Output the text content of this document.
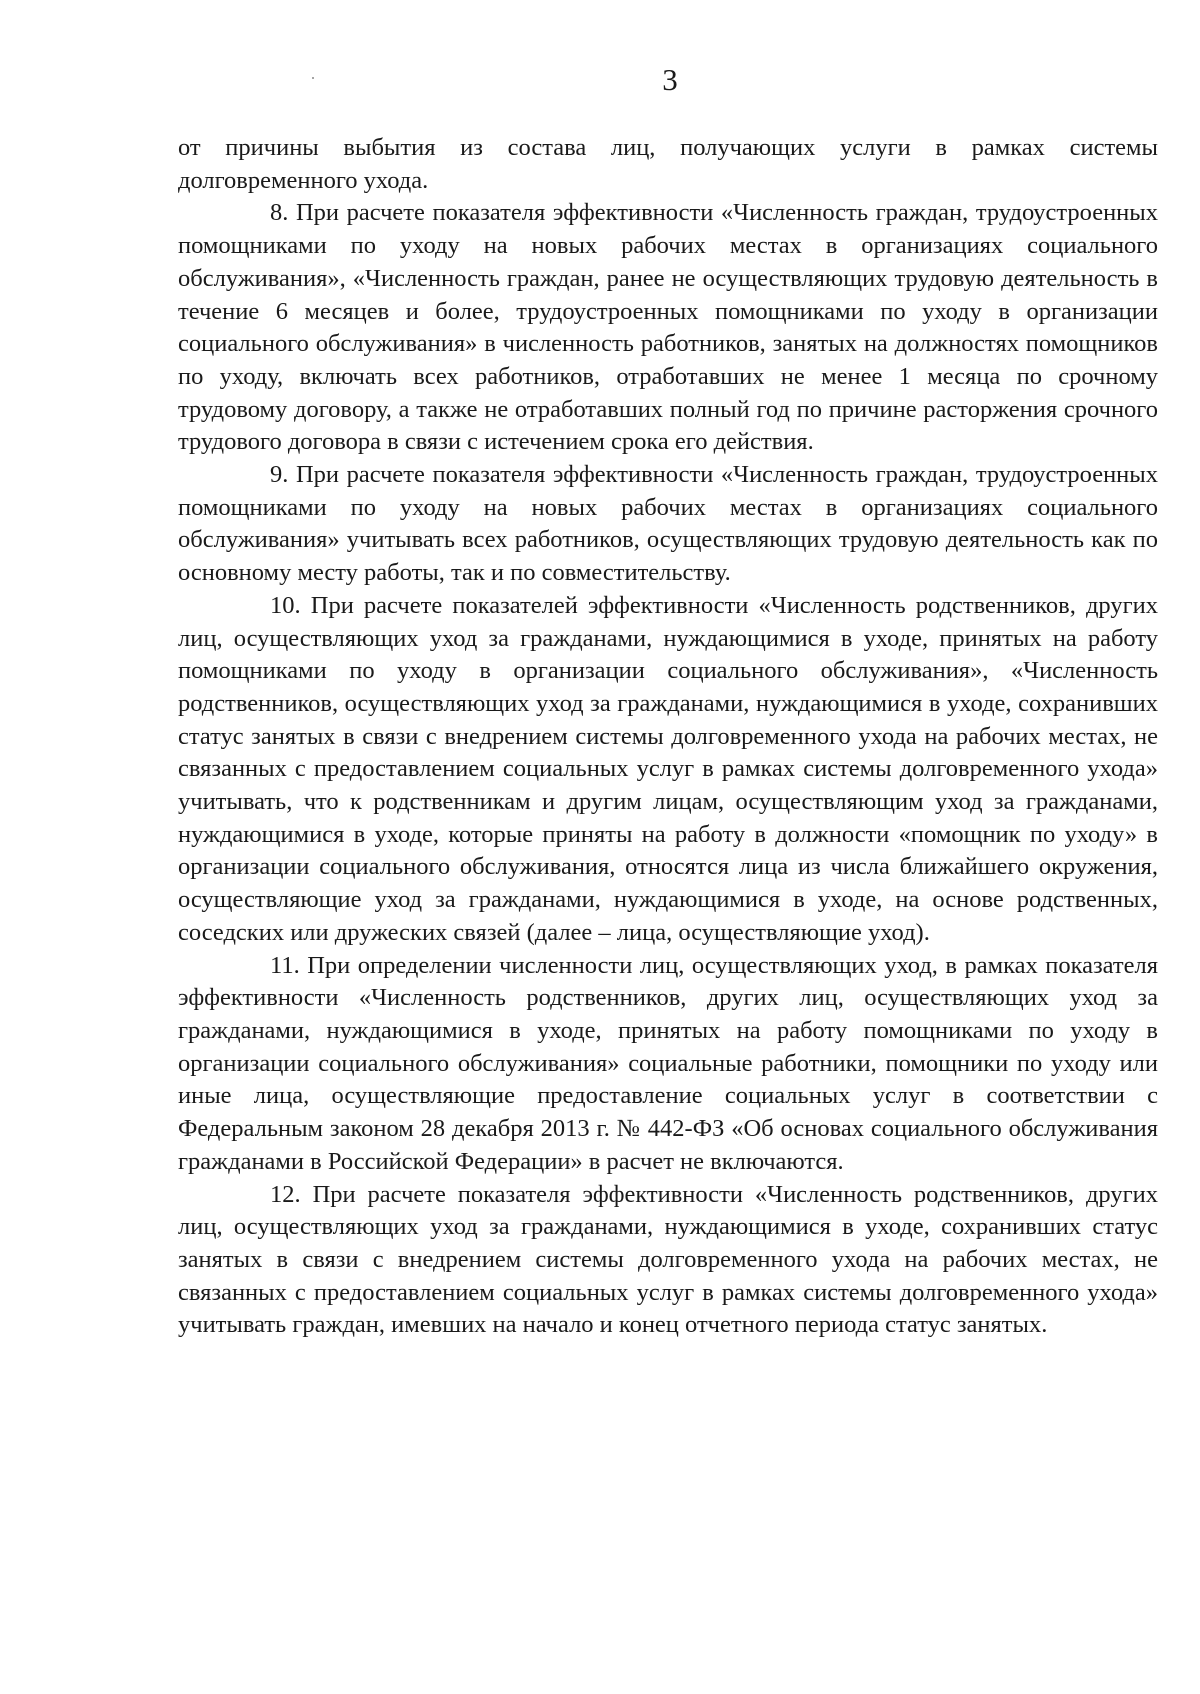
3

от причины выбытия из состава лиц, получающих услуги в рамках системы долговременного ухода.

8. При расчете показателя эффективности «Численность граждан, трудоустроенных помощниками по уходу на новых рабочих местах в организациях социального обслуживания», «Численность граждан, ранее не осуществляющих трудовую деятельность в течение 6 месяцев и более, трудоустроенных помощниками по уходу в организации социального обслуживания» в численность работников, занятых на должностях помощников по уходу, включать всех работников, отработавших не менее 1 месяца по срочному трудовому договору, а также не отработавших полный год по причине расторжения срочного трудового договора в связи с истечением срока его действия.

9. При расчете показателя эффективности «Численность граждан, трудоустроенных помощниками по уходу на новых рабочих местах в организациях социального обслуживания» учитывать всех работников, осуществляющих трудовую деятельность как по основному месту работы, так и по совместительству.

10. При расчете показателей эффективности «Численность родственников, других лиц, осуществляющих уход за гражданами, нуждающимися в уходе, принятых на работу помощниками по уходу в организации социального обслуживания», «Численность родственников, осуществляющих уход за гражданами, нуждающимися в уходе, сохранивших статус занятых в связи с внедрением системы долговременного ухода на рабочих местах, не связанных с предоставлением социальных услуг в рамках системы долговременного ухода» учитывать, что к родственникам и другим лицам, осуществляющим уход за гражданами, нуждающимися в уходе, которые приняты на работу в должности «помощник по уходу» в организации социального обслуживания, относятся лица из числа ближайшего окружения, осуществляющие уход за гражданами, нуждающимися в уходе, на основе родственных, соседских или дружеских связей (далее – лица, осуществляющие уход).

11. При определении численности лиц, осуществляющих уход, в рамках показателя эффективности «Численность родственников, других лиц, осуществляющих уход за гражданами, нуждающимися в уходе, принятых на работу помощниками по уходу в организации социального обслуживания» социальные работники, помощники по уходу или иные лица, осуществляющие предоставление социальных услуг в соответствии с Федеральным законом 28 декабря 2013 г. № 442-ФЗ «Об основах социального обслуживания гражданами в Российской Федерации» в расчет не включаются.

12. При расчете показателя эффективности «Численность родственников, других лиц, осуществляющих уход за гражданами, нуждающимися в уходе, сохранивших статус занятых в связи с внедрением системы долговременного ухода на рабочих местах, не связанных с предоставлением социальных услуг в рамках системы долговременного ухода» учитывать граждан, имевших на начало и конец отчетного периода статус занятых.
